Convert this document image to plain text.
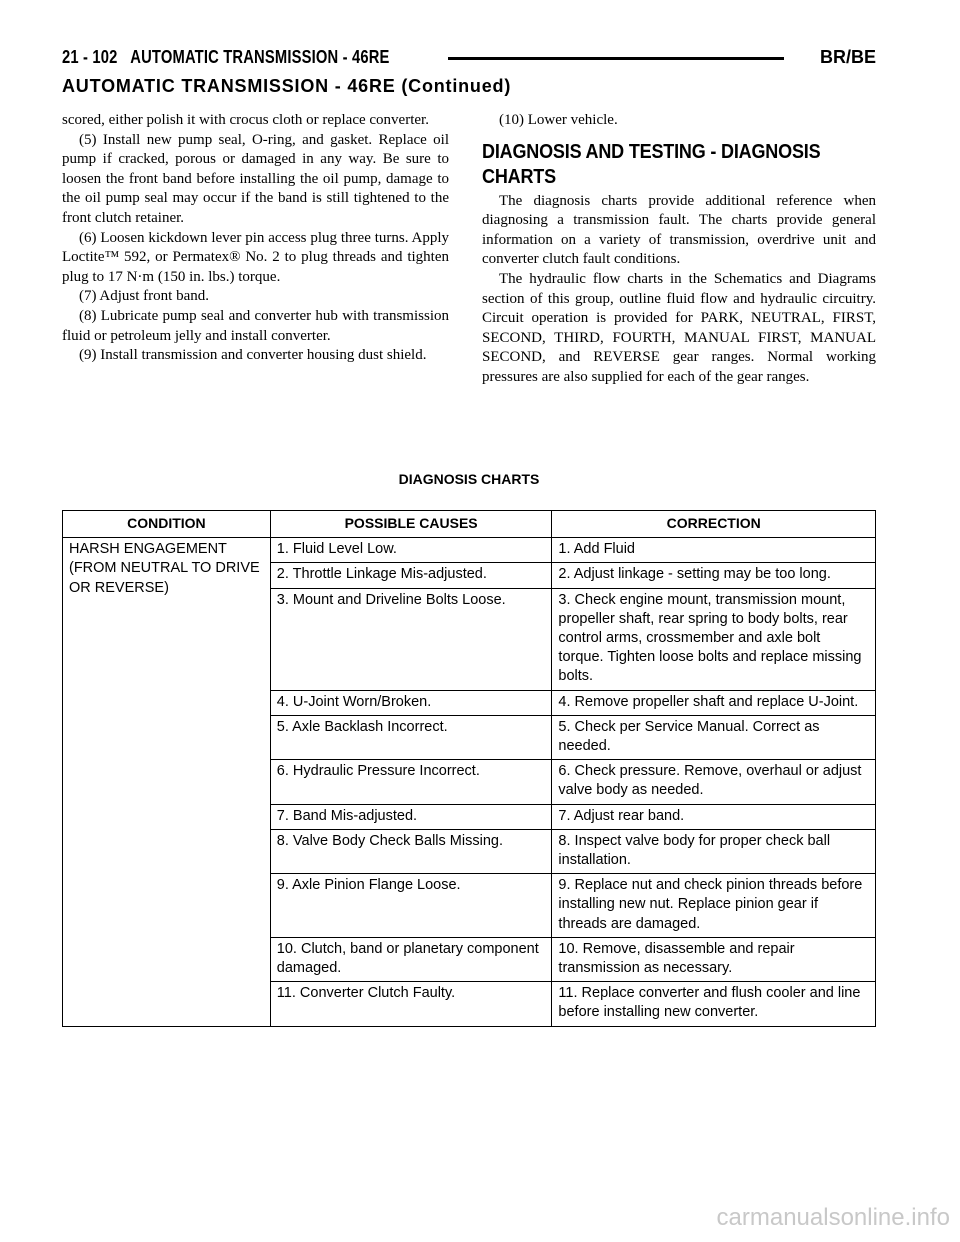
21 - 102 AUTOMATIC TRANSMISSION - 46RE	BR/BE
AUTOMATIC TRANSMISSION - 46RE (Continued)

scored, either polish it with crocus cloth or replace converter.

(5) Install new pump seal, O-ring, and gasket. Replace oil pump if cracked, porous or damaged in any way. Be sure to loosen the front band before installing the oil pump, damage to the oil pump seal may occur if the band is still tightened to the front clutch retainer.

(6) Loosen kickdown lever pin access plug three turns. Apply Loctite™ 592, or Permatex® No. 2 to plug threads and tighten plug to 17 N·m (150 in. lbs.) torque.

(7) Adjust front band.

(8) Lubricate pump seal and converter hub with transmission fluid or petroleum jelly and install converter.

(9) Install transmission and converter housing dust shield.

(10) Lower vehicle.

DIAGNOSIS AND TESTING - DIAGNOSIS CHARTS

The diagnosis charts provide additional reference when diagnosing a transmission fault. The charts provide general information on a variety of transmission, overdrive unit and converter clutch fault conditions.

The hydraulic flow charts in the Schematics and Diagrams section of this group, outline fluid flow and hydraulic circuitry. Circuit operation is provided for PARK, NEUTRAL, FIRST, SECOND, THIRD, FOURTH, MANUAL FIRST, MANUAL SECOND, and REVERSE gear ranges. Normal working pressures are also supplied for each of the gear ranges.

DIAGNOSIS CHARTS
CONDITION	POSSIBLE CAUSES	CORRECTION
HARSH ENGAGEMENT (FROM NEUTRAL TO DRIVE OR REVERSE)	1. Fluid Level Low.	1. Add Fluid
	2. Throttle Linkage Mis-adjusted.	2. Adjust linkage - setting may be too long.
	3. Mount and Driveline Bolts Loose.	3. Check engine mount, transmission mount, propeller shaft, rear spring to body bolts, rear control arms, crossmember and axle bolt torque. Tighten loose bolts and replace missing bolts.
	4. U-Joint Worn/Broken.	4. Remove propeller shaft and replace U-Joint.
	5. Axle Backlash Incorrect.	5. Check per Service Manual. Correct as needed.
	6. Hydraulic Pressure Incorrect.	6. Check pressure. Remove, overhaul or adjust valve body as needed.
	7. Band Mis-adjusted.	7. Adjust rear band.
	8. Valve Body Check Balls Missing.	8. Inspect valve body for proper check ball installation.
	9. Axle Pinion Flange Loose.	9. Replace nut and check pinion threads before installing new nut. Replace pinion gear if threads are damaged.
	10. Clutch, band or planetary component damaged.	10. Remove, disassemble and repair transmission as necessary.
	11. Converter Clutch Faulty.	11. Replace converter and flush cooler and line before installing new converter.
carmanualsonline.info
